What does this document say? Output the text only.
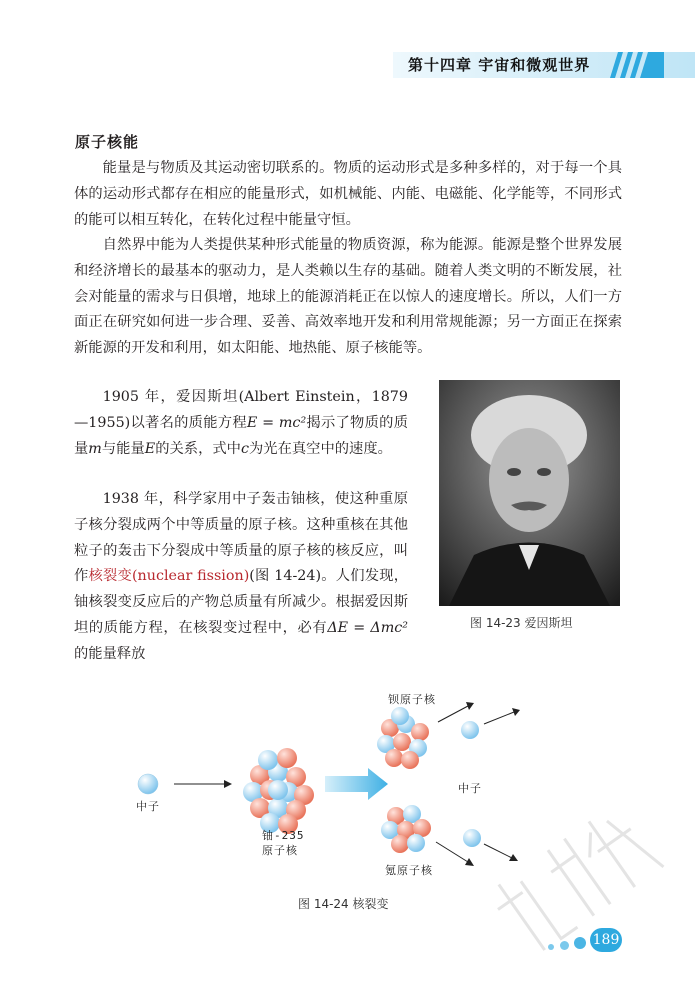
第十四章 宇宙和微观世界
原子核能

能量是与物质及其运动密切联系的。物质的运动形式是多种多样的，对于每一个具体的运动形式都存在相应的能量形式，如机械能、内能、电磁能、化学能等，不同形式的能可以相互转化，在转化过程中能量守恒。

自然界中能为人类提供某种形式能量的物质资源，称为能源。能源是整个世界发展和经济增长的最基本的驱动力，是人类赖以生存的基础。随着人类文明的不断发展，社会对能量的需求与日俱增，地球上的能源消耗正在以惊人的速度增长。所以，人们一方面正在研究如何进一步合理、妥善、高效率地开发和利用常规能源；另一方面正在探索新能源的开发和利用，如太阳能、地热能、原子核能等。

1905 年，爱因斯坦(Albert Einstein，1879—1955)以著名的质能方程E = mc²揭示了物质的质量m与能量E的关系，式中c为光在真空中的速度。

1938 年，科学家用中子轰击铀核，使这种重原子核分裂成两个中等质量的原子核。这种重核在其他粒子的轰击下分裂成中等质量的原子核的核反应，叫作核裂变(nuclear fission)(图 14-24)。人们发现，铀核裂变反应后的产物总质量有所减少。根据爱因斯坦的质能方程，在核裂变过程中，必有ΔE = Δmc²的能量释放

图 14-23 爱因斯坦
中子
铀-235
原子核
钡原子核
氪原子核
中子
图 14-24 核裂变
189
